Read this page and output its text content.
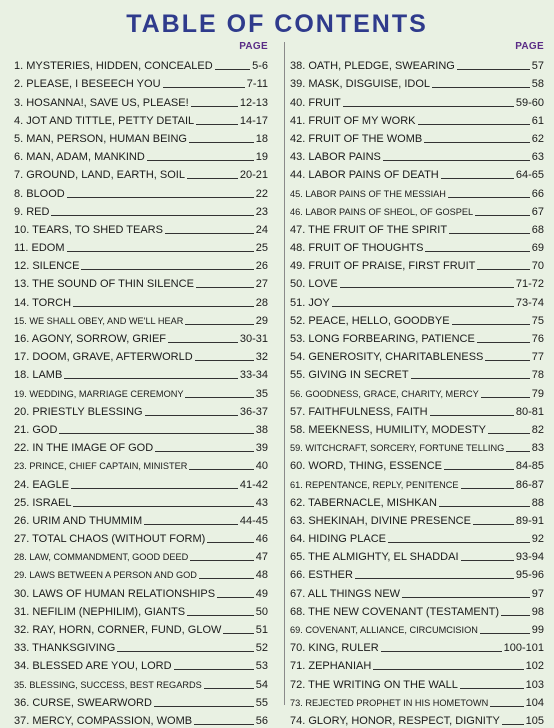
TABLE OF CONTENTS
PAGE
1. MYSTERIES, HIDDEN, CONCEALED	5-6
2. PLEASE, I BESEECH YOU	7-11
3. HOSANNA!, SAVE US, PLEASE!	12-13
4. JOT AND TITTLE, PETTY DETAIL	14-17
5. MAN, PERSON, HUMAN BEING	18
6. MAN, ADAM, MANKIND	19
7. GROUND, LAND, EARTH, SOIL	20-21
8. BLOOD	22
9. RED	23
10. TEARS, TO SHED TEARS	24
11. EDOM	25
12. SILENCE	26
13. THE SOUND OF THIN SILENCE	27
14. TORCH	28
15. WE SHALL OBEY, AND WE'LL HEAR	29
16. AGONY, SORROW, GRIEF	30-31
17. DOOM, GRAVE, AFTERWORLD	32
18. LAMB	33-34
19. WEDDING, MARRIAGE CEREMONY	35
20. PRIESTLY BLESSING	36-37
21. GOD	38
22. IN THE IMAGE OF GOD	39
23. PRINCE, CHIEF CAPTAIN, MINISTER	40
24. EAGLE	41-42
25. ISRAEL	43
26. URIM AND THUMMIM	44-45
27. TOTAL CHAOS (WITHOUT FORM)	46
28. LAW, COMMANDMENT, GOOD DEED	47
29. LAWS BETWEEN A PERSON AND GOD	48
30. LAWS OF HUMAN RELATIONSHIPS	49
31. NEFILIM (NEPHILIM), GIANTS	50
32. RAY, HORN, CORNER, FUND, GLOW	51
33. THANKSGIVING	52
34. BLESSED ARE YOU, LORD	53
35. BLESSING, SUCCESS, BEST REGARDS	54
36. CURSE, SWEARWORD	55
37. MERCY, COMPASSION, WOMB	56
PAGE
38. OATH, PLEDGE, SWEARING	57
39. MASK, DISGUISE, IDOL	58
40. FRUIT	59-60
41. FRUIT OF MY WORK	61
42. FRUIT OF THE WOMB	62
43. LABOR PAINS	63
44. LABOR PAINS OF DEATH	64-65
45. LABOR PAINS OF THE MESSIAH	66
46. LABOR PAINS OF SHEOL, OF GOSPEL	67
47. THE FRUIT OF THE SPIRIT	68
48. FRUIT OF THOUGHTS	69
49. FRUIT OF PRAISE, FIRST FRUIT	70
50. LOVE	71-72
51. JOY	73-74
52. PEACE, HELLO, GOODBYE	75
53. LONG FORBEARING, PATIENCE	76
54. GENEROSITY, CHARITABLENESS	77
55. GIVING IN SECRET	78
56. GOODNESS, GRACE, CHARITY, MERCY	79
57. FAITHFULNESS, FAITH	80-81
58. MEEKNESS, HUMILITY, MODESTY	82
59. WITCHCRAFT, SORCERY, FORTUNE TELLING	83
60. WORD, THING, ESSENCE	84-85
61. REPENTANCE, REPLY, PENITENCE	86-87
62. TABERNACLE, MISHKAN	88
63. SHEKINAH, DIVINE PRESENCE	89-91
64. HIDING PLACE	92
65. THE ALMIGHTY, EL SHADDAI	93-94
66. ESTHER	95-96
67. ALL THINGS NEW	97
68. THE NEW COVENANT (TESTAMENT)	98
69. COVENANT, ALLIANCE, CIRCUMCISION	99
70. KING, RULER	100-101
71. ZEPHANIAH	102
72. THE WRITING ON THE WALL	103
73. REJECTED PROPHET IN HIS HOMETOWN	104
74. GLORY, HONOR, RESPECT, DIGNITY 105
